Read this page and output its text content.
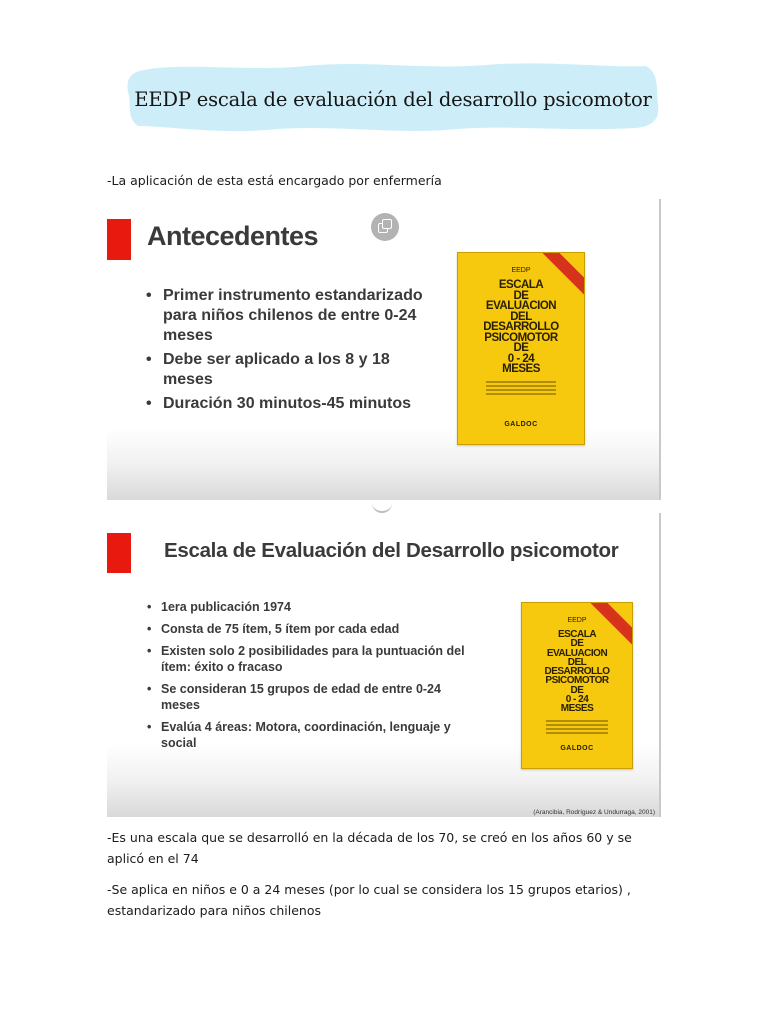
EEDP escala de evaluación del desarrollo psicomotor
-La aplicación de esta está encargado por enfermería
Antecedentes
• Primer instrumento estandarizado para niños chilenos de entre 0-24 meses
• Debe ser aplicado a los 8 y 18 meses
• Duración 30 minutos-45 minutos
EEDP
ESCALA
DE
EVALUACION
DEL
DESARROLLO
PSICOMOTOR
DE
0 - 24
MESES
GALDOC
Escala de Evaluación del Desarrollo psicomotor
• 1era publicación 1974
• Consta de 75 ítem, 5 ítem por cada edad
• Existen solo 2 posibilidades para la puntuación del ítem: éxito o fracaso
• Se consideran 15 grupos de edad de entre 0-24 meses
• Evalúa 4 áreas: Motora, coordinación, lenguaje y social
EEDP
ESCALA
DE
EVALUACION
DEL
DESARROLLO
PSICOMOTOR
DE
0 - 24
MESES
GALDOC
(Arancibia, Rodríguez & Undurraga, 2001)
-Es una escala que se desarrolló en la década de los 70, se creó en los años 60 y se aplicó en el 74
-Se aplica en niños e 0 a 24 meses (por lo cual se considera los 15 grupos etarios) , estandarizado para niños chilenos
